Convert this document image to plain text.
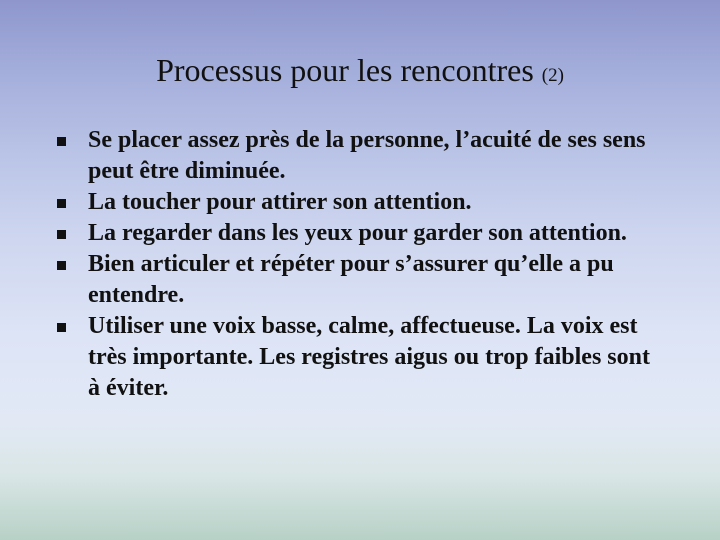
Processus pour les rencontres (2)
Se placer assez près de la personne, l’acuité de ses sens peut être diminuée.
La toucher pour attirer son attention.
La regarder dans les yeux pour garder son attention.
Bien articuler et répéter pour s’assurer qu’elle a pu entendre.
Utiliser une voix basse, calme, affectueuse. La voix est très importante. Les registres aigus ou trop faibles sont à éviter.
